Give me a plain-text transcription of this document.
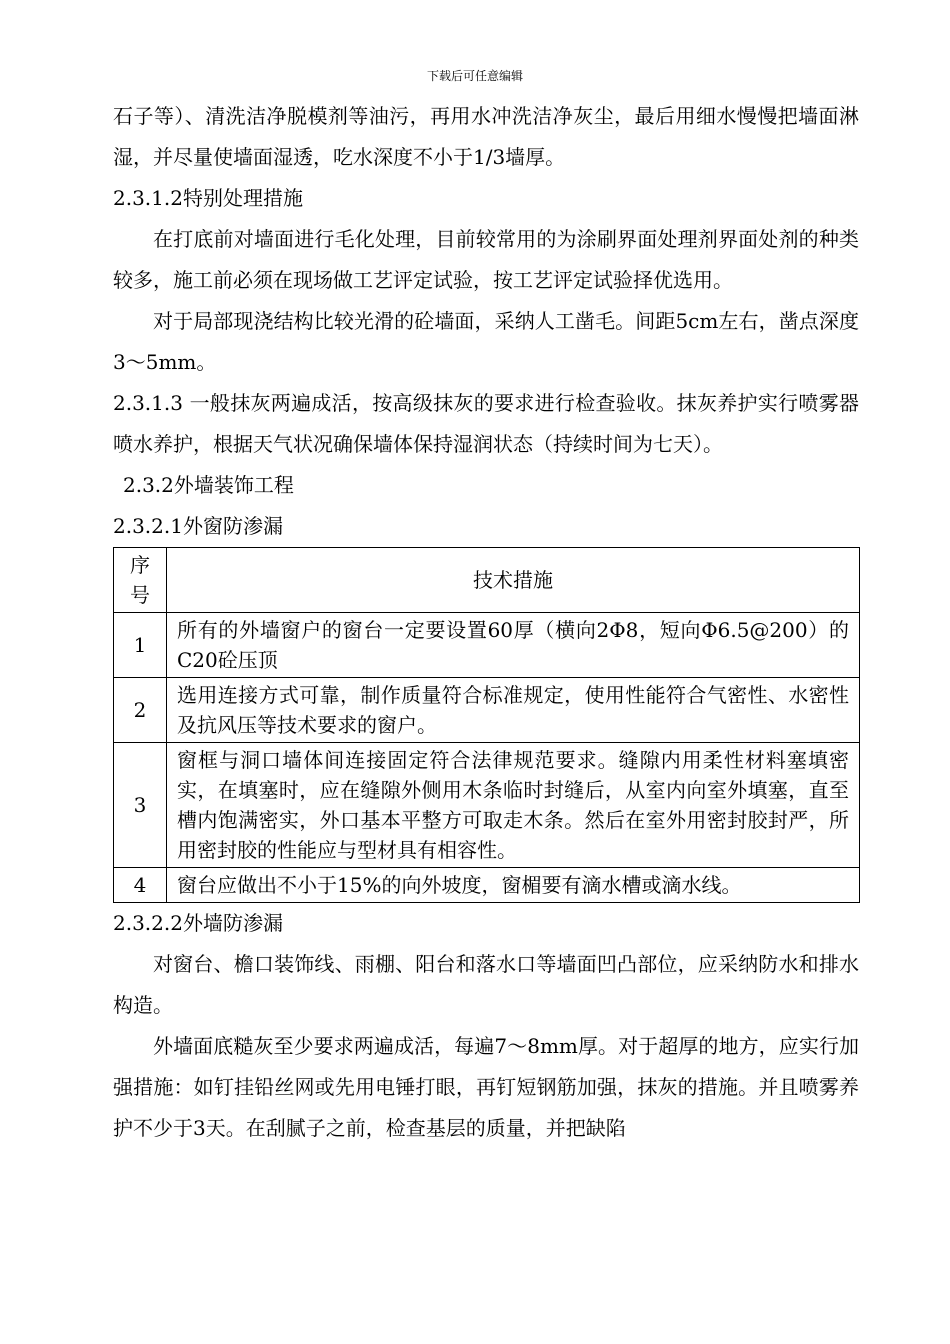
下载后可任意编辑

石子等）、清洗洁净脱模剂等油污，再用水冲洗洁净灰尘，最后用细水慢慢把墙面淋湿，并尽量使墙面湿透，吃水深度不小于1/3墙厚。

2.3.1.2特别处理措施

在打底前对墙面进行毛化处理，目前较常用的为涂刷界面处理剂界面处剂的种类较多，施工前必须在现场做工艺评定试验，按工艺评定试验择优选用。

对于局部现浇结构比较光滑的砼墙面，采纳人工凿毛。间距5cm左右，凿点深度3～5mm。

2.3.1.3 一般抹灰两遍成活，按高级抹灰的要求进行检查验收。抹灰养护实行喷雾器喷水养护，根据天气状况确保墙体保持湿润状态（持续时间为七天）。

2.3.2外墙装饰工程

2.3.2.1外窗防渗漏

序号	技术措施
1	所有的外墙窗户的窗台一定要设置60厚（横向2Φ8，短向Φ6.5@200）的C20砼压顶
2	选用连接方式可靠，制作质量符合标准规定，使用性能符合气密性、水密性及抗风压等技术要求的窗户。
3	窗框与洞口墙体间连接固定符合法律规范要求。缝隙内用柔性材料塞填密实，在填塞时，应在缝隙外侧用木条临时封缝后，从室内向室外填塞，直至槽内饱满密实，外口基本平整方可取走木条。然后在室外用密封胶封严，所用密封胶的性能应与型材具有相容性。
4	窗台应做出不小于15%的向外坡度，窗楣要有滴水槽或滴水线。

2.3.2.2外墙防渗漏

对窗台、檐口装饰线、雨棚、阳台和落水口等墙面凹凸部位，应采纳防水和排水构造。

外墙面底糙灰至少要求两遍成活，每遍7～8mm厚。对于超厚的地方，应实行加强措施：如钉挂铅丝网或先用电锤打眼，再钉短钢筋加强，抹灰的措施。并且喷雾养护不少于3天。在刮腻子之前，检查基层的质量，并把缺陷
